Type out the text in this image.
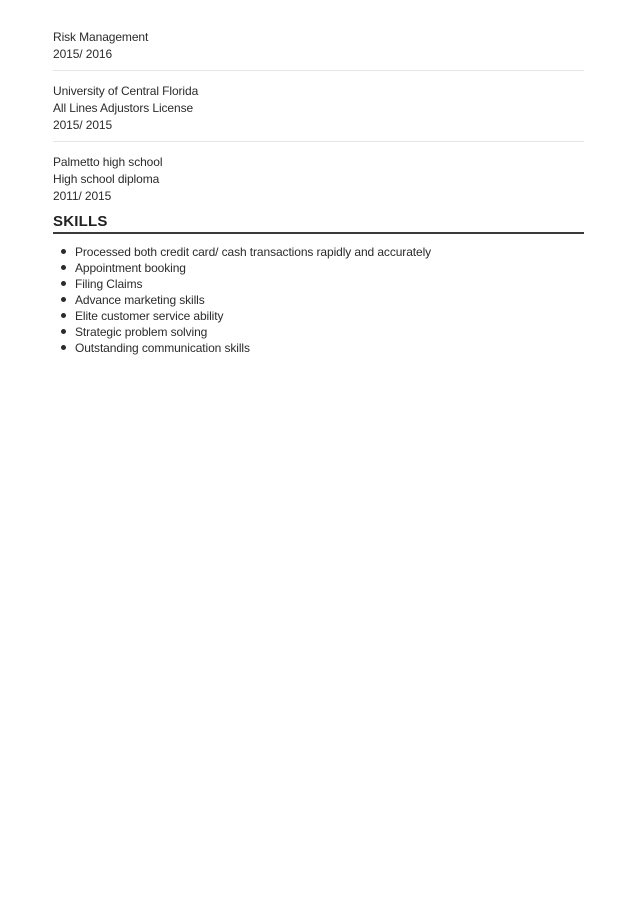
Risk Management
2015/ 2016
University of Central Florida
All Lines Adjustors License
2015/ 2015
Palmetto high school
High school diploma
2011/ 2015
SKILLS
Processed both credit card/ cash transactions rapidly and accurately
Appointment booking
Filing Claims
Advance marketing skills
Elite customer service ability
Strategic problem solving
Outstanding communication skills
